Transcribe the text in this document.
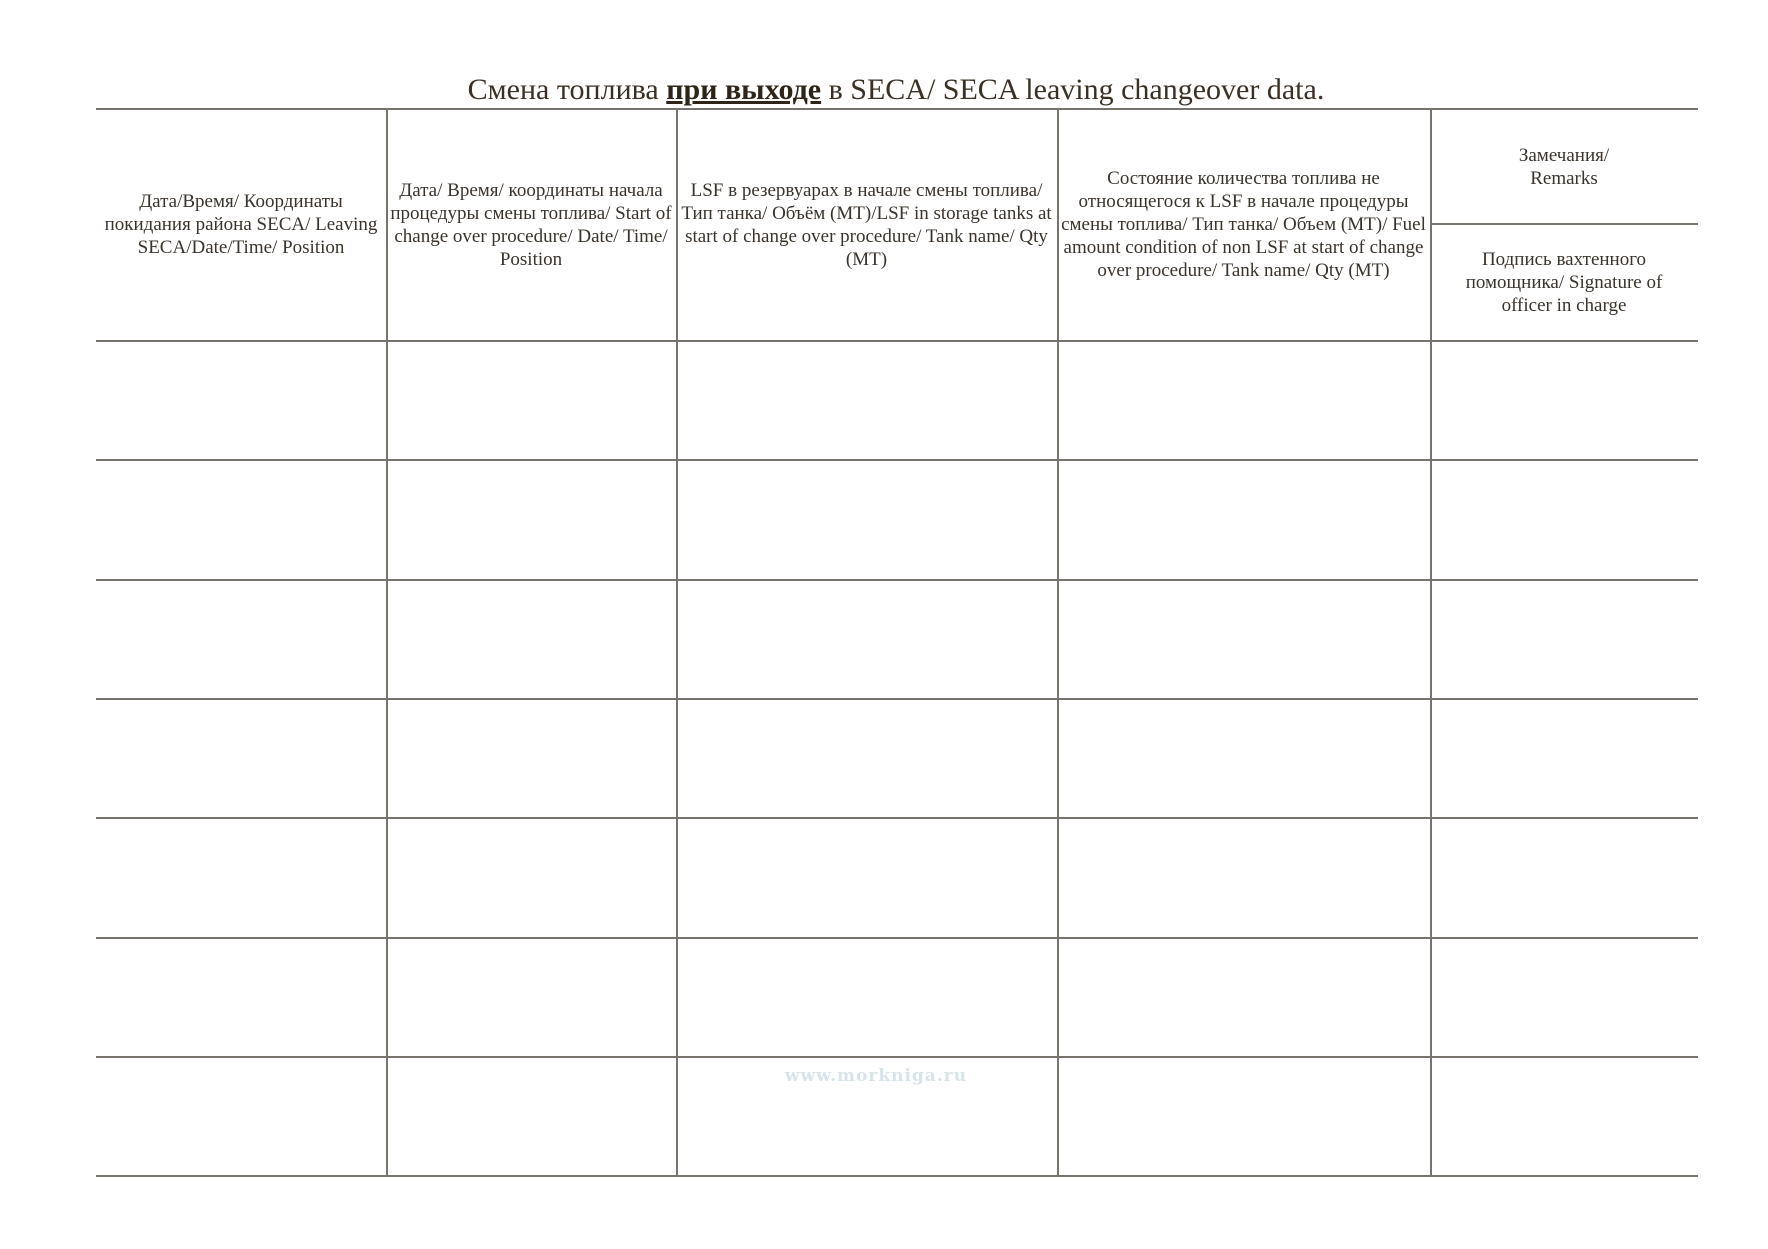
Смена топлива при выходе в SECA/ SECA leaving changeover data.
Дата/Время/ Координаты покидания района SECA/ Leaving SECA/Date/Time/ Position
Дата/ Время/ координаты начала процедуры смены топлива/ Start of change over procedure/ Date/ Time/ Position
LSF в резервуарах в начале смены топлива/ Тип танка/ Объём (MT)/LSF in storage tanks at start of change over procedure/ Tank name/ Qty (MT)
Состояние количества топлива не относящегося к LSF в начале процедуры смены топлива/ Тип танка/ Объем (MT)/ Fuel amount condition of non LSF at start of change over procedure/ Tank name/ Qty (MT)
Замечания/ Remarks
Подпись вахтенного помощника/ Signature of officer in charge
www.morkniga.ru
